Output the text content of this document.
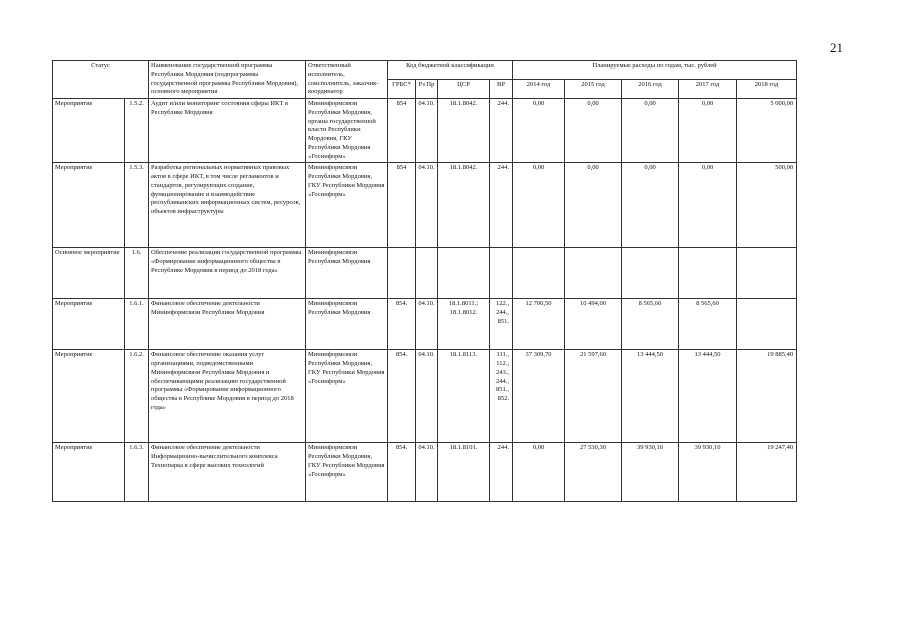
21
Статус		Наименование государственной программы Республики Мордовия (подпрограммы государственной программы Республики Мордовия), основного мероприятия	Ответственный исполнитель, соисполнитель, заказчик-координатор	Код бюджетной классификации				Планируемые расходы по годам, тыс. рублей				
				ГРБС*	Рз Пр	ЦСР	ВР	2014 год	2015 год	2016 год	2017 год	2018 год
Мероприятие	1.5.2.	Аудит и/или мониторинг состояния сферы ИКТ в Республике Мордовия	Мининформсвязи Республики Мордовия, органы государственной власти Республики Мордовия, ГКУ Республики Мордовия «Госинформ»	854	04.10.	18.1.8042.	244.	0,00	0,00	0,00	0,00	5 000,00
Мероприятие	1.5.3.	Разработка региональных нормативных правовых актов в сфере ИКТ, в том числе регламентов и стандартов, регулирующих создание, функционирование и взаимодействие республиканских информационных систем, ресурсов, объектов инфраструктуры	Мининформсвязи Республики Мордовия, ГКУ Республики Мордовия «Госинформ»	854	04.10.	18.1.8042.	244.	0,00	0,00	0,00	0,00	500,00
Основное мероприятие	1.6.	Обеспечение реализации государственной программы «Формирование информационного общества в Республике Мордовия в период до 2018 года»	Мининформсвязи Республики Мордовия									
Мероприятие	1.6.1.	Финансовое обеспечение деятельности Мининформсвязи Республики Мордовия	Мининформсвязи Республики Мордовия	854.	04.10.	18.1.8011.; 18.1.8012.	122., 244., 851.	12 700,50	10 494,00	8 565,60	8 565,60	
Мероприятие	1.6.2.	Финансовое обеспечение оказания услуг организациями, подведомственными Мининформсвязи Республики Мордовия и обеспечивающими реализацию государственной программы «Формирование информационного общества в Республике Мордовия в период до 2018 года»	Мининформсвязи Республики Мордовия, ГКУ Республики Мордовия «Госинформ»	854.	04.10.	18.1.8113.	111., 112., 243., 244., 851., 852.	37 309,70	21 597,60	13 444,50	13 444,50	19 885,40
Мероприятие	1.6.3.	Финансовое обеспечение деятельности Информационно-вычислительного комплекса Технопарка в сфере высоких технологий	Мининформсвязи Республики Мордовия, ГКУ Республики Мордовия «Госинформ»	854.	04.10.	18.1.8101.	244.	0,00	27 530,30	39 930,10	39 930,10	19 247,40
